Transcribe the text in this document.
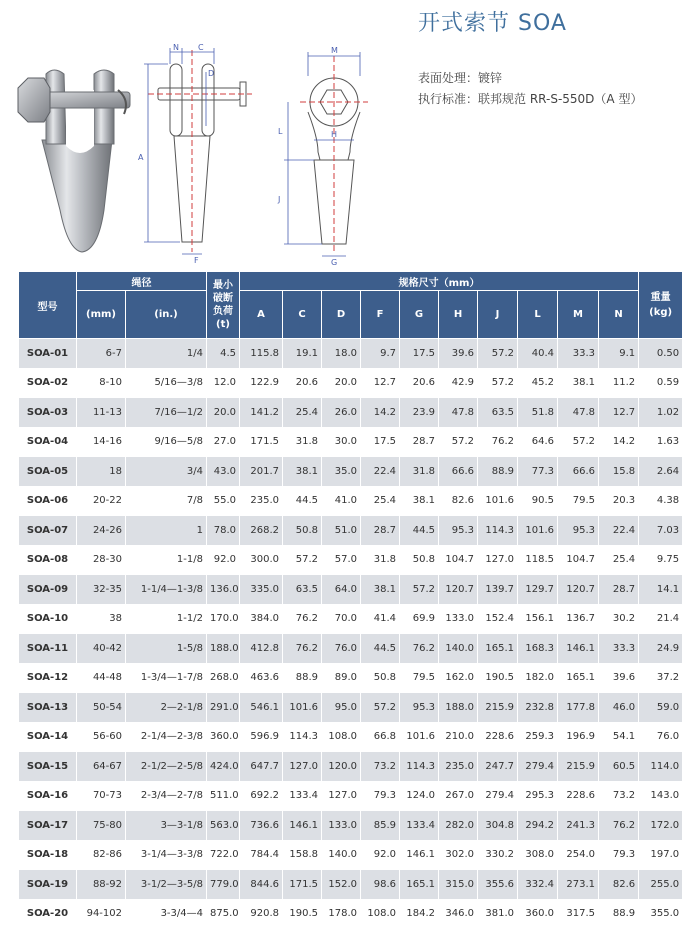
开式索节 SOA
表面处理：镀锌
执行标准：联邦规范 RR-S-550D（A 型）
N C
D
A
F
M
L	H
J
G
型号	绳径		最小
破断
负荷
(t)	规格尺寸（mm）										重量
(kg)
	(mm)	(in.)		A	C	D	F	G	H	J	L	M	N	
SOA-01	6-7	1/4	4.5	115.8	19.1	18.0	9.7	17.5	39.6	57.2	40.4	33.3	9.1	0.50
SOA-02	8-10	5/16—3/8	12.0	122.9	20.6	20.0	12.7	20.6	42.9	57.2	45.2	38.1	11.2	0.59
SOA-03	11-13	7/16—1/2	20.0	141.2	25.4	26.0	14.2	23.9	47.8	63.5	51.8	47.8	12.7	1.02
SOA-04	14-16	9/16—5/8	27.0	171.5	31.8	30.0	17.5	28.7	57.2	76.2	64.6	57.2	14.2	1.63
SOA-05	18	3/4	43.0	201.7	38.1	35.0	22.4	31.8	66.6	88.9	77.3	66.6	15.8	2.64
SOA-06	20-22	7/8	55.0	235.0	44.5	41.0	25.4	38.1	82.6	101.6	90.5	79.5	20.3	4.38
SOA-07	24-26	1	78.0	268.2	50.8	51.0	28.7	44.5	95.3	114.3	101.6	95.3	22.4	7.03
SOA-08	28-30	1-1/8	92.0	300.0	57.2	57.0	31.8	50.8	104.7	127.0	118.5	104.7	25.4	9.75
SOA-09	32-35	1-1/4—1-3/8	136.0	335.0	63.5	64.0	38.1	57.2	120.7	139.7	129.7	120.7	28.7	14.1
SOA-10	38	1-1/2	170.0	384.0	76.2	70.0	41.4	69.9	133.0	152.4	156.1	136.7	30.2	21.4
SOA-11	40-42	1-5/8	188.0	412.8	76.2	76.0	44.5	76.2	140.0	165.1	168.3	146.1	33.3	24.9
SOA-12	44-48	1-3/4—1-7/8	268.0	463.6	88.9	89.0	50.8	79.5	162.0	190.5	182.0	165.1	39.6	37.2
SOA-13	50-54	2—2-1/8	291.0	546.1	101.6	95.0	57.2	95.3	188.0	215.9	232.8	177.8	46.0	59.0
SOA-14	56-60	2-1/4—2-3/8	360.0	596.9	114.3	108.0	66.8	101.6	210.0	228.6	259.3	196.9	54.1	76.0
SOA-15	64-67	2-1/2—2-5/8	424.0	647.7	127.0	120.0	73.2	114.3	235.0	247.7	279.4	215.9	60.5	114.0
SOA-16	70-73	2-3/4—2-7/8	511.0	692.2	133.4	127.0	79.3	124.0	267.0	279.4	295.3	228.6	73.2	143.0
SOA-17	75-80	3—3-1/8	563.0	736.6	146.1	133.0	85.9	133.4	282.0	304.8	294.2	241.3	76.2	172.0
SOA-18	82-86	3-1/4—3-3/8	722.0	784.4	158.8	140.0	92.0	146.1	302.0	330.2	308.0	254.0	79.3	197.0
SOA-19	88-92	3-1/2—3-5/8	779.0	844.6	171.5	152.0	98.6	165.1	315.0	355.6	332.4	273.1	82.6	255.0
SOA-20	94-102	3-3/4—4	875.0	920.8	190.5	178.0	108.0	184.2	346.0	381.0	360.0	317.5	88.9	355.0
